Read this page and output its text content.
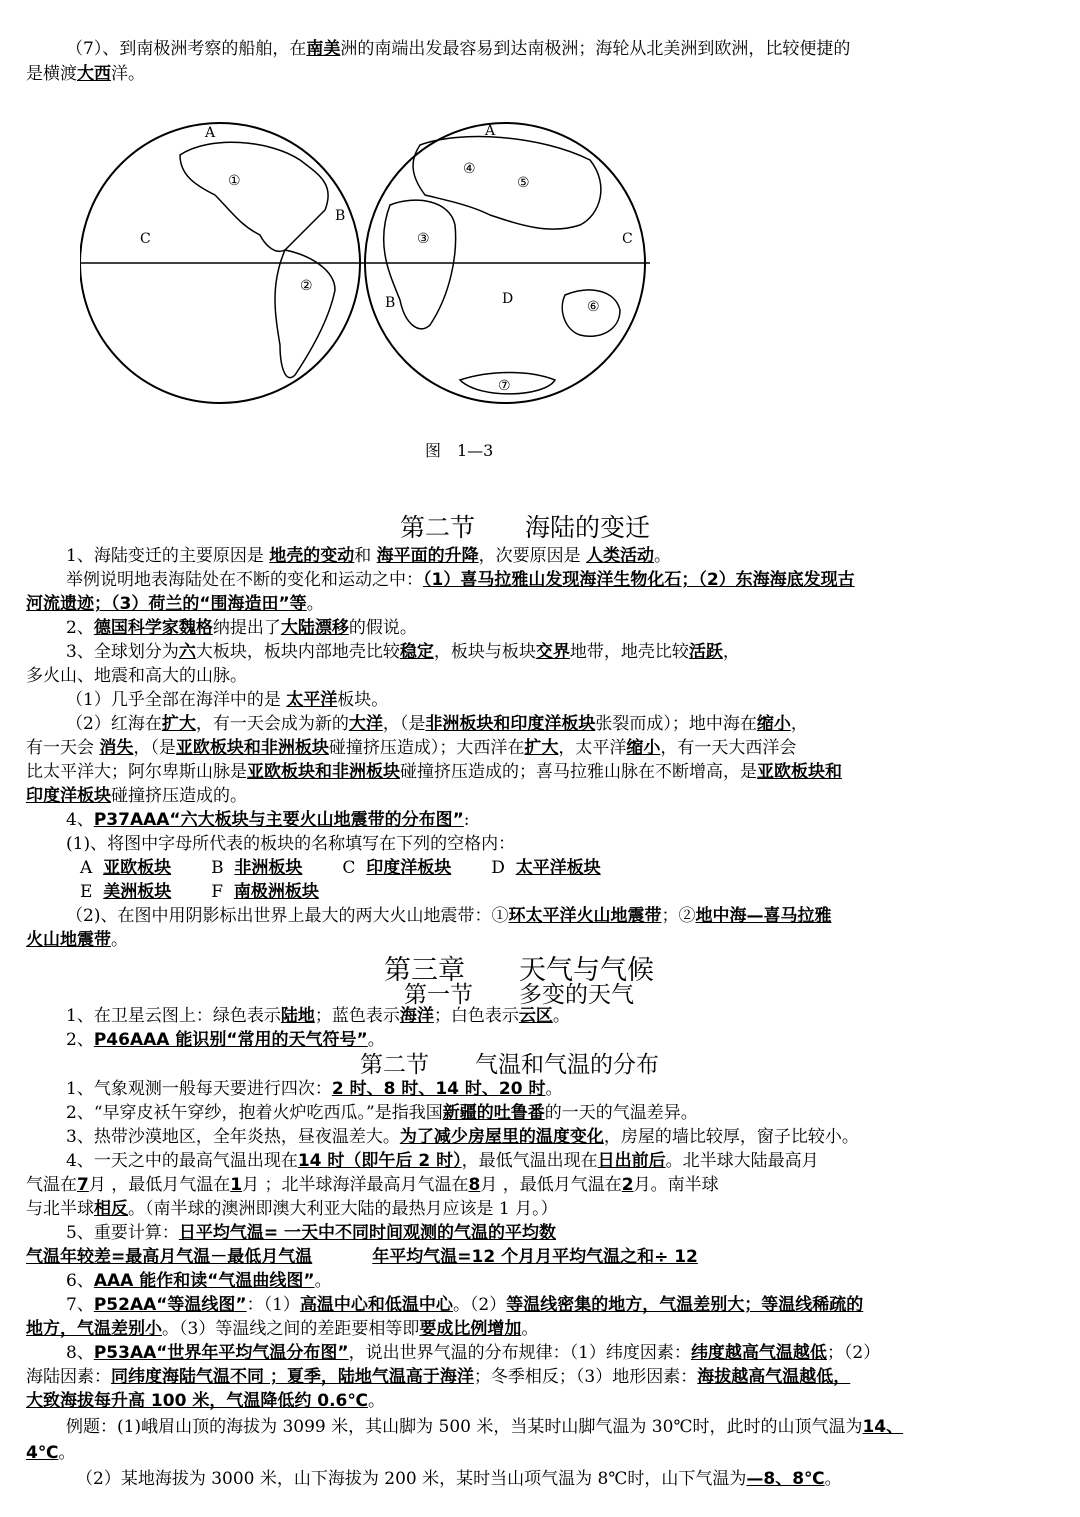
（7）、到南极洲考察的船舶，在南美洲的南端出发最容易到达南极洲；海轮从北美洲到欧洲，比较便捷的
是横渡大西洋。
A
B
C
①
②
A
④
⑤
③	C
B	D	⑥
⑦
图　1—3
第二节　　海陆的变迁
1、海陆变迁的主要原因是 地壳的变动和 海平面的升降，次要原因是 人类活动。
举例说明地表海陆处在不断的变化和运动之中：（1）喜马拉雅山发现海洋生物化石；（2）东海海底发现古
河流遗迹；（3）荷兰的“围海造田”等。
2、德国科学家魏格纳提出了大陆漂移的假说。
3、全球划分为六大板块，板块内部地壳比较稳定，板块与板块交界地带，地壳比较活跃，
多火山、地震和高大的山脉。
（1）几乎全部在海洋中的是 太平洋板块。
（2）红海在扩大，有一天会成为新的大洋，（是非洲板块和印度洋板块张裂而成）；地中海在缩小，
有一天会 消失，（是亚欧板块和非洲板块碰撞挤压造成）；大西洋在扩大，太平洋缩小，有一天大西洋会
比太平洋大；阿尔卑斯山脉是亚欧板块和非洲板块碰撞挤压造成的；喜马拉雅山脉在不断增高，是亚欧板块和
印度洋板块碰撞挤压造成的。
4、P37AAA“六大板块与主要火山地震带的分布图”:
(1)、将图中字母所代表的板块的名称填写在下列的空格内：
A 亚欧板块 B 非洲板块 C 印度洋板块 D 太平洋板块
E 美洲板块 F 南极洲板块
（2)、在图中用阴影标出世界上最大的两大火山地震带：①环太平洋火山地震带；②地中海—喜马拉雅
火山地震带。
第三章　　天气与气候
第一节　　多变的天气
1、在卫星云图上：绿色表示陆地；蓝色表示海洋；白色表示云区。
2、P46AAA 能识别“常用的天气符号”。
第二节　　气温和气温的分布
1、气象观测一般每天要进行四次：2 时、8 时、14 时、20 时。
2、“早穿皮袄午穿纱，抱着火炉吃西瓜。”是指我国新疆的吐鲁番的一天的气温差异。
3、热带沙漠地区，全年炎热，昼夜温差大。为了减少房屋里的温度变化，房屋的墙比较厚，窗子比较小。
4、一天之中的最高气温出现在14 时（即午后 2 时），最低气温出现在日出前后。北半球大陆最高月
气温在7月 ，最低月气温在1月 ；北半球海洋最高月气温在8月 ，最低月气温在2月。南半球
与北半球相反。（南半球的澳洲即澳大利亚大陆的最热月应该是 1 月。）
5、重要计算：日平均气温= 一天中不同时间观测的气温的平均数
气温年较差=最高月气温－最低月气温	年平均气温=12 个月月平均气温之和÷ 12
6、AAA 能作和读“气温曲线图”。
7、P52AA“等温线图”：（1）高温中心和低温中心。（2）等温线密集的地方，气温差别大；等温线稀疏的
地方，气温差别小。（3）等温线之间的差距要相等即要成比例增加。
8、P53AA“世界年平均气温分布图”，说出世界气温的分布规律：（1）纬度因素：纬度越高气温越低；（2）
海陆因素：同纬度海陆气温不同 ；夏季，陆地气温高于海洋；冬季相反；（3）地形因素：海拔越高气温越低，
大致海拔每升高 100 米，气温降低约 0.6℃。
例题：(1)峨眉山顶的海拔为 3099 米，其山脚为 500 米，当某时山脚气温为 30℃时，此时的山顶气温为14、
4℃。
（2）某地海拔为 3000 米，山下海拔为 200 米，某时当山项气温为 8℃时，山下气温为—8、8℃。
